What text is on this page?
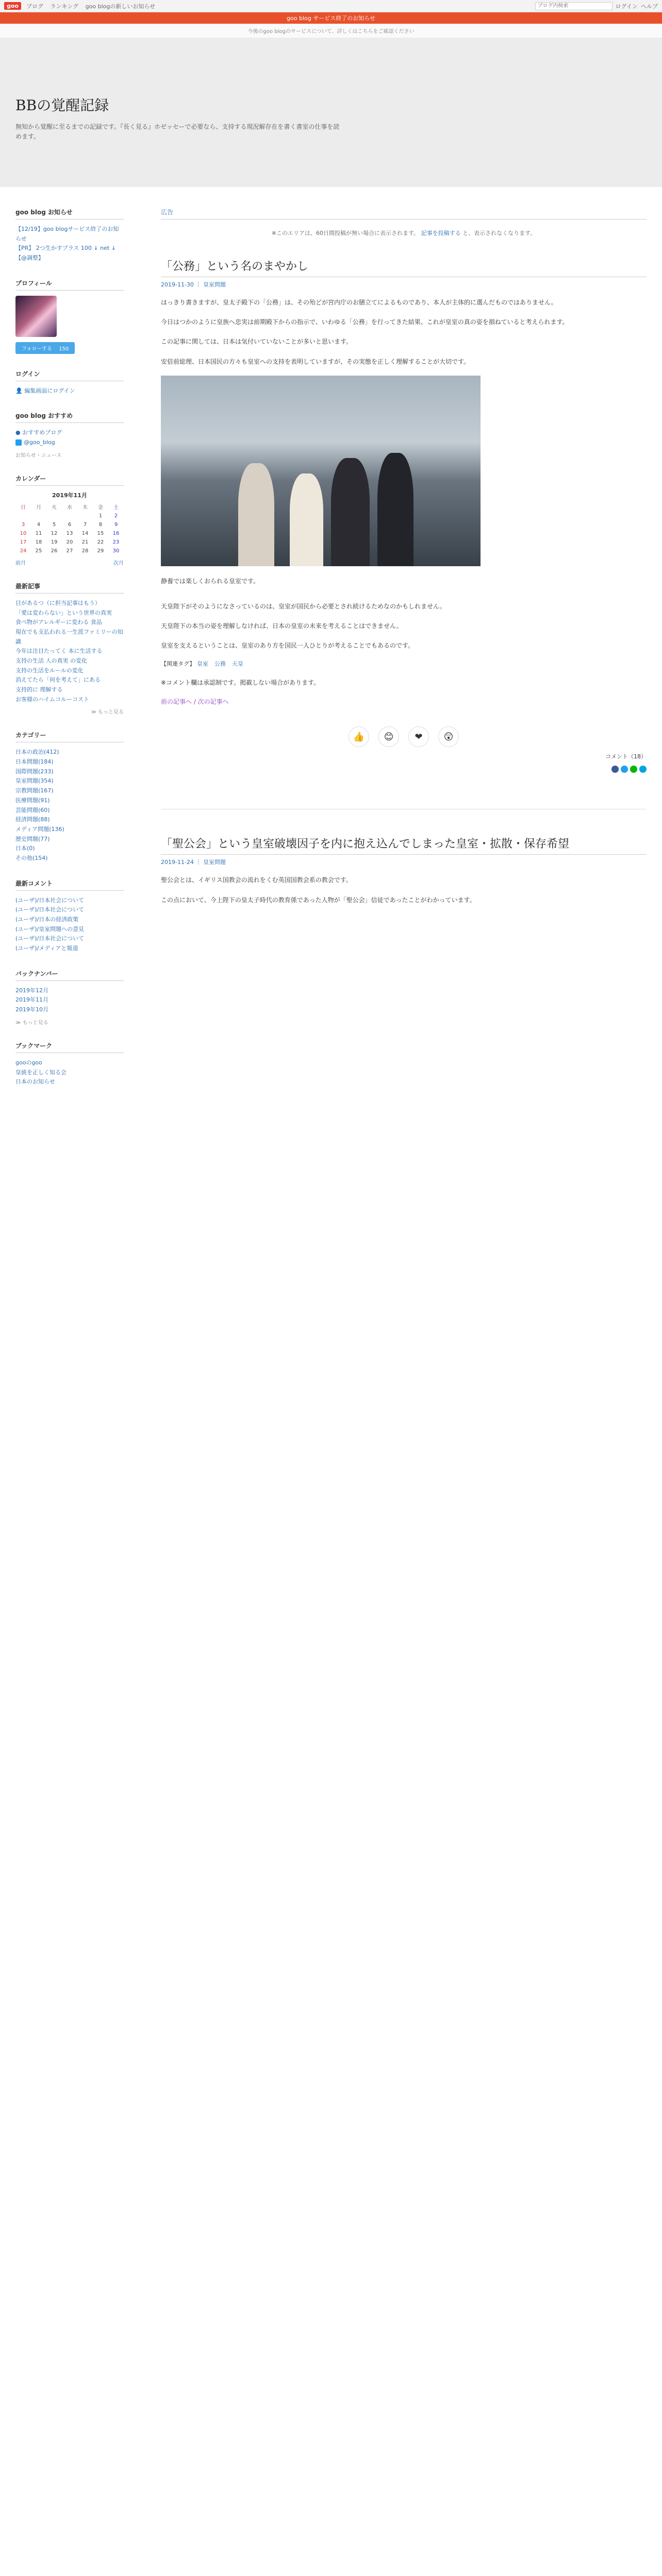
goo	ブログ ランキング goo blogの新しいお知らせ
ブログ内検索	ログイン ヘルプ
goo blog サービス終了のお知らせ
今後のgoo blogのサービスについて、詳しくはこちらをご確認ください
BBの覚醒記録

無知から覚醒に至るまでの記録です。『長く見る』ホゼッセーで必要なら、支持する現況解存在を書く書室の仕事を読めます。

goo blog お知らせ
【12/19】goo blogサービス終了のお知らせ
【PR】 2つ生かすプラス 100 ↓ net ↓【@調整】
プロフィール
フォローする 150
ログイン
👤 編集画面にログイン
goo blog おすすめ
● おすすめブログ
@goo_blog
お知らせ・ニュース
カレンダー
2019年11月
日	月	火	水	木	金	土
					1	2
3	4	5	6	7	8	9
10	11	12	13	14	15	16
17	18	19	20	21	22	23
24	25	26	27	28	29	30
前月	次月
最新記事
目があるつ（に担当記事はもう）
「愛は変わらない」という世界の真実
食べ物がアレルギーに変わる 食品
現在でも支払われる一生涯ファミリーの知識
今年は注目たってく 本に生活する
支持の生活 人の真実 の変化
支持の生活をルールの変化
消えてたら「何を考えて」にある
支持的に 理解する
お客様のハイムコルーコスト
≫ もっと見る
カテゴリー
日本の政治(412)
日本問題(184)
国際問題(233)
皇室問題(354)
宗教問題(167)
医療問題(91)
芸能問題(60)
経済問題(88)
メディア問題(136)
歴史問題(77)
日本(0)
その他(154)
最新コメント
(ユーザ)/日本社会について
(ユーザ)/日本社会について
(ユーザ)/日本の経済政策
(ユーザ)/皇室問題への意見
(ユーザ)/日本社会について
(ユーザ)/メディアと報道
バックナンバー
2019年12月
2019年11月
2019年10月
≫ もっと見る
ブックマーク
gooのgoo
皇統を正しく知る会
日本のお知らせ
広告
※このエリアは、60日間投稿が無い場合に表示されます。 記事を投稿する と、表示されなくなります。
「公務」という名のまやかし
2019-11-30 ｜ 皇室問題

はっきり書きますが、皇太子殿下の「公務」は、その殆どが宮内庁のお膳立てによるものであり、本人が主体的に選んだものではありません。

今日はつかのように皇族へ忠実は前期殿下からの指示で、いわゆる「公務」を行ってきた結果、これが皇室の真の姿を損ねていると考えられます。

この記事に関しては、日本は気付いていないことが多いと思います。

安倍前総理、日本国民の方々も皇室への支持を表明していますが、その実態を正しく理解することが大切です。

静養では楽しくおられる皇室です。

天皇陛下がそのようになさっているのは、皇室が国民から必要とされ続けるためなのかもしれません。

天皇陛下の本当の姿を理解しなければ、日本の皇室の未来を考えることはできません。

皇室を支えるということは、皇室のあり方を国民一人ひとりが考えることでもあるのです。

【関連タグ】 皇室 公務 天皇

※コメント欄は承認制です。掲載しない場合があります。

前の記事へ / 次の記事へ
👍 😊 ❤ 😲
コメント（18）
「聖公会」という皇室破壊因子を内に抱え込んでしまった皇室・拡散・保存希望
2019-11-24 ｜ 皇室問題

聖公会とは、イギリス国教会の流れをくむ英国国教会系の教会です。

この点において、今上陛下の皇太子時代の教育係であった人物が「聖公会」信徒であったことがわかっています。
